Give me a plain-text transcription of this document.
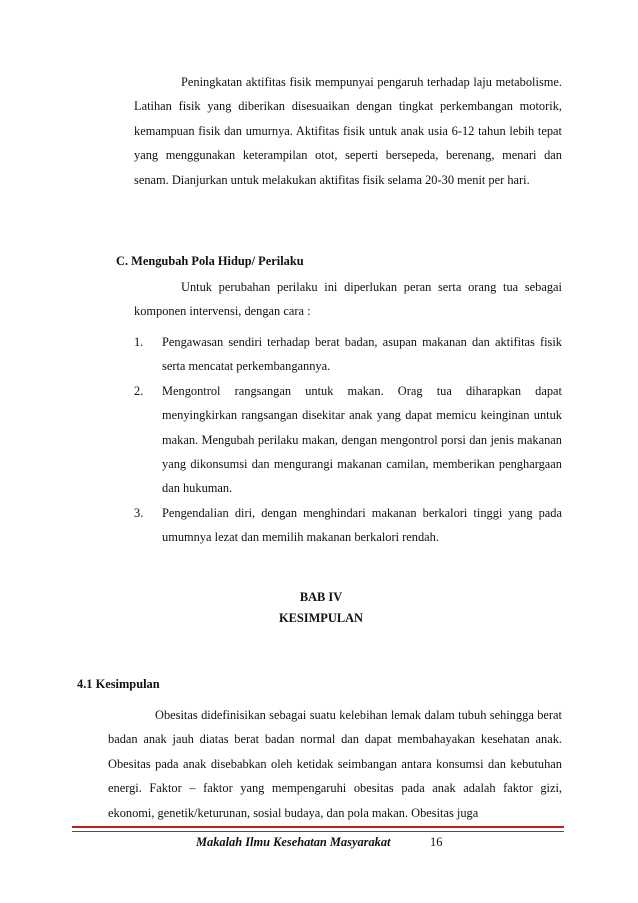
Peningkatan aktifitas fisik mempunyai pengaruh terhadap laju metabolisme. Latihan fisik yang diberikan disesuaikan dengan tingkat perkembangan motorik, kemampuan fisik dan umurnya. Aktifitas fisik untuk anak usia 6-12 tahun lebih tepat yang menggunakan keterampilan otot, seperti bersepeda, berenang, menari dan senam. Dianjurkan untuk melakukan aktifitas fisik selama 20-30 menit per hari.

C. Mengubah Pola Hidup/ Perilaku

Untuk perubahan perilaku ini diperlukan peran serta orang tua sebagai komponen intervensi, dengan cara :

1. Pengawasan sendiri terhadap berat badan, asupan makanan dan aktifitas fisik serta mencatat perkembangannya.
2. Mengontrol rangsangan untuk makan. Orag tua diharapkan dapat menyingkirkan rangsangan disekitar anak yang dapat memicu keinginan untuk makan. Mengubah perilaku makan, dengan mengontrol porsi dan jenis makanan yang dikonsumsi dan mengurangi makanan camilan, memberikan penghargaan dan hukuman.
3. Pengendalian diri, dengan menghindari makanan berkalori tinggi yang pada umumnya lezat dan memilih makanan berkalori rendah.
BAB IV
KESIMPULAN
4.1 Kesimpulan

Obesitas didefinisikan sebagai suatu kelebihan lemak dalam tubuh sehingga berat badan anak jauh diatas berat badan normal dan dapat membahayakan kesehatan anak. Obesitas pada anak disebabkan oleh ketidak seimbangan antara konsumsi dan kebutuhan energi. Faktor – faktor yang mempengaruhi obesitas pada anak adalah faktor gizi, ekonomi, genetik/keturunan, sosial budaya, dan pola makan. Obesitas juga

Makalah Ilmu Kesehatan Masyarakat	16
